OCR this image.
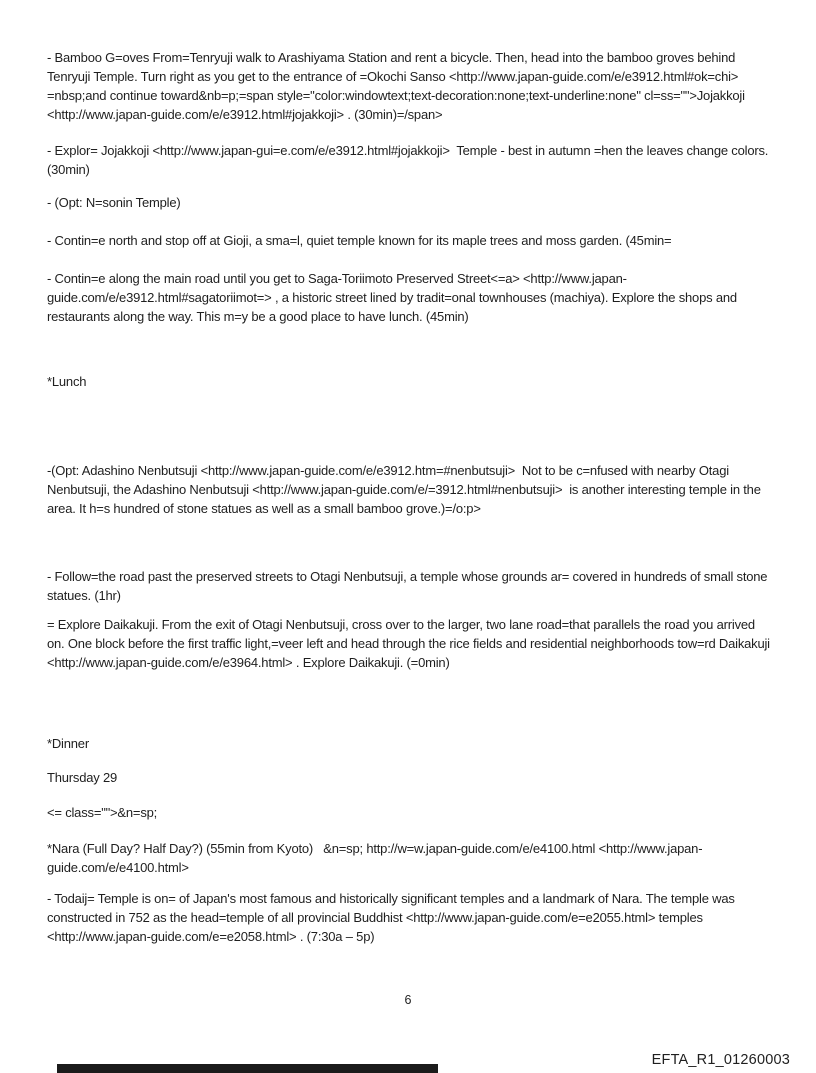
- Bamboo G=oves From=Tenryuji walk to Arashiyama Station and rent a bicycle. Then, head into the bamboo groves behind Tenryuji Temple. Turn right as you get to the entrance of =Okochi Sanso <http://www.japan-guide.com/e/e3912.html#ok=chi> =nbsp;and continue toward&nb=p;=span style="color:windowtext;text-decoration:none;text-underline:none" cl=ss="">Jojakkoji <http://www.japan-guide.com/e/e3912.html#jojakkoji> . (30min)=/span>
- Explor= Jojakkoji <http://www.japan-gui=e.com/e/e3912.html#jojakkoji>  Temple - best in autumn =hen the leaves change colors. (30min)
- (Opt: N=sonin Temple)
- Contin=e north and stop off at Gioji, a sma=l, quiet temple known for its maple trees and moss garden. (45min=
- Contin=e along the main road until you get to Saga-Toriimoto Preserved Street<=a> <http://www.japan-guide.com/e/e3912.html#sagatoriimot=> , a historic street lined by tradit=onal townhouses (machiya). Explore the shops and restaurants along the way. This m=y be a good place to have lunch. (45min)
*Lunch
-(Opt: Adashino Nenbutsuji <http://www.japan-guide.com/e/e3912.htm=#nenbutsuji>  Not to be c=nfused with nearby Otagi Nenbutsuji, the Adashino Nenbutsuji <http://www.japan-guide.com/e/=3912.html#nenbutsuji>  is another interesting temple in the area. It h=s hundred of stone statues as well as a small bamboo grove.)=/o:p>
- Follow=the road past the preserved streets to Otagi Nenbutsuji, a temple whose grounds ar= covered in hundreds of small stone statues. (1hr)
= Explore Daikakuji. From the exit of Otagi Nenbutsuji, cross over to the larger, two lane road=that parallels the road you arrived on. One block before the first traffic light,=veer left and head through the rice fields and residential neighborhoods tow=rd Daikakuji <http://www.japan-guide.com/e/e3964.html> . Explore Daikakuji. (=0min)
*Dinner
Thursday 29
<= class="">&n=sp;
*Nara (Full Day? Half Day?) (55min from Kyoto)   &n=sp; http://w=w.japan-guide.com/e/e4100.html <http://www.japan-guide.com/e/e4100.html>
- Todaij= Temple is on= of Japan's most famous and historically significant temples and a landmark of Nara. The temple was constructed in 752 as the head=temple of all provincial Buddhist <http://www.japan-guide.com/e=e2055.html> temples <http://www.japan-guide.com/e=e2058.html> . (7:30a – 5p)
6
EFTA_R1_01260003
